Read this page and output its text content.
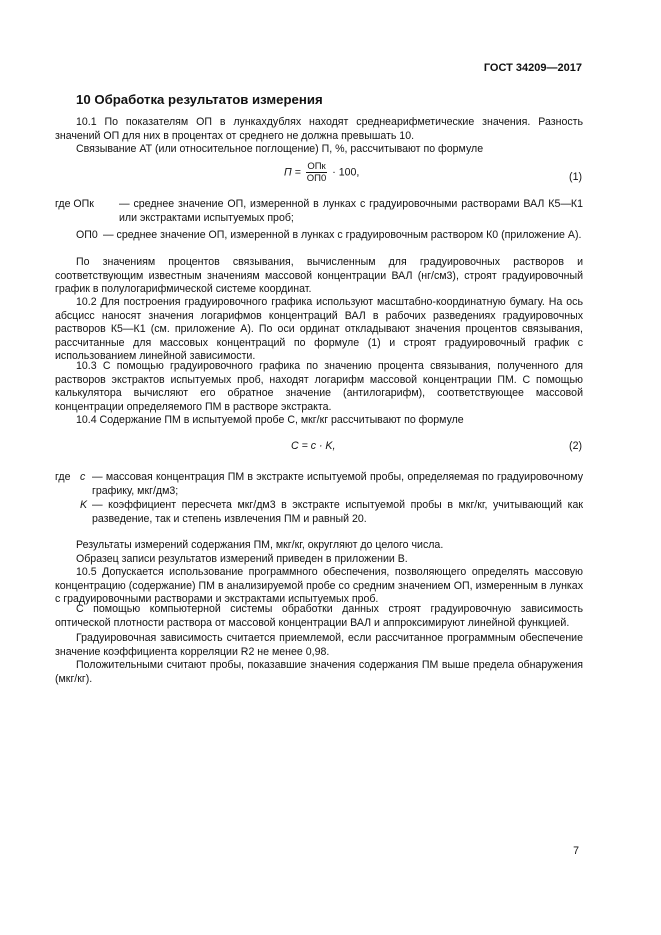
ГОСТ 34209—2017
10 Обработка результатов измерения

10.1 По показателям ОП в лункахдублях находят среднеарифметические значения. Разность значений ОП для них в процентах от среднего не должна превышать 10.

Связывание АТ (или относительное поглощение) П, %, рассчитывают по формуле

$П = \frac{\text{ОПк}}{ОП0} \cdot 100$,	(1)
где ОПк — среднее значение ОП, измеренной в лунках с градуировочными растворами ВАЛ К5—К1 или экстрактами испытуемых проб;
ОП0 — среднее значение ОП, измеренной в лунках с градуировочным раствором К0 (приложение А).

По значениям процентов связывания, вычисленным для градуировочных растворов и соответствующим известным значениям массовой концентрации ВАЛ (нг/см3), строят градуировочный график в полулогарифмической системе координат.

10.2 Для построения градуировочного графика используют масштабно-координатную бумагу. На ось абсцисс наносят значения логарифмов концентраций ВАЛ в рабочих разведениях градуировочных растворов К5—К1 (см. приложение А). По оси ординат откладывают значения процентов связывания, рассчитанные для массовых концентраций по формуле (1) и строят градуировочный график с использованием линейной зависимости.

10.3 С помощью градуировочного графика по значению процента связывания, полученного для растворов экстрактов испытуемых проб, находят логарифм массовой концентрации ПМ. С помощью калькулятора вычисляют его обратное значение (антилогарифм), соответствующее массовой концентрации определяемого ПМ в растворе экстракта.

10.4 Содержание ПМ в испытуемой пробе С, мкг/кг рассчитывают по формуле

С = с · K,	(2)
где с — массовая концентрация ПМ в экстракте испытуемой пробы, определяемая по градуировочному графику, мкг/дм3;
K — коэффициент пересчета мкг/дм3 в экстракте испытуемой пробы в мкг/кг, учитывающий как разведение, так и степень извлечения ПМ и равный 20.

Результаты измерений содержания ПМ, мкг/кг, округляют до целого числа.

Образец записи результатов измерений приведен в приложении В.

10.5 Допускается использование программного обеспечения, позволяющего определять массовую концентрацию (содержание) ПМ в анализируемой пробе со средним значением ОП, измеренным в лунках с градуировочными растворами и экстрактами испытуемых проб.

С помощью компьютерной системы обработки данных строят градуировочную зависимость оптической плотности раствора от массовой концентрации ВАЛ и аппроксимируют линейной функцией.

Градуировочная зависимость считается приемлемой, если рассчитанное программным обеспечение значение коэффициента корреляции R2 не менее 0,98.

Положительными считают пробы, показавшие значения содержания ПМ выше предела обнаружения (мкг/кг).

7
